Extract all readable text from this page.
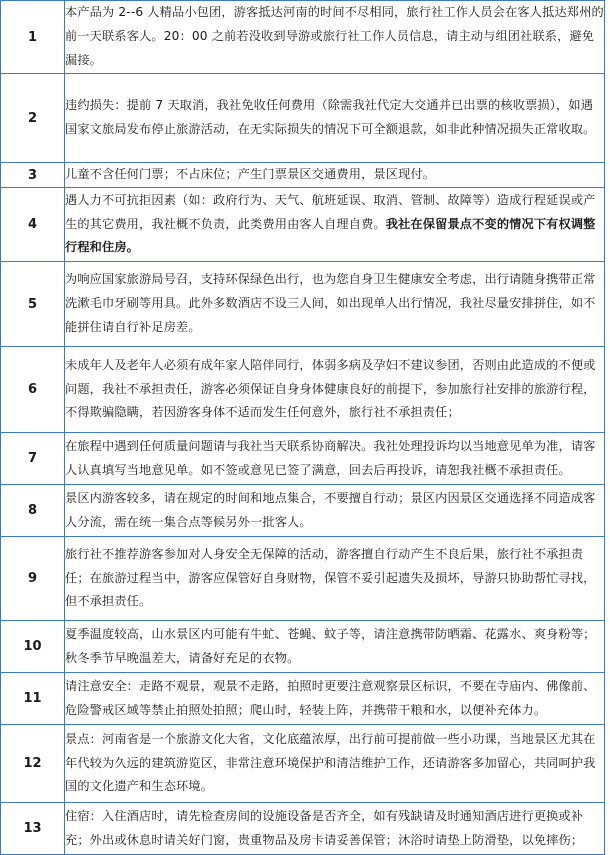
1	本产品为 2--6 人精品小包团，游客抵达河南的时间不尽相同，旅行社工作人员会在客人抵达郑州的前一天联系客人。20：00 之前若没收到导游或旅行社工作人员信息，请主动与组团社联系，避免漏接。
2	违约损失：提前 7 天取消，我社免收任何费用（除需我社代定大交通并已出票的核收票损），如遇国家文旅局发布停止旅游活动，在无实际损失的情况下可全额退款，如非此种情况损失正常收取。
3	儿童不含任何门票；不占床位；产生门票景区交通费用，景区现付。
4	遇人力不可抗拒因素（如：政府行为、天气、航班延误、取消、管制、故障等）造成行程延误或产生的其它费用，我社概不负责，此类费用由客人自理自费。我社在保留景点不变的情况下有权调整行程和住房。
5	为响应国家旅游局号召，支持环保绿色出行，也为您自身卫生健康安全考虑，出行请随身携带正常洗漱毛巾牙刷等用具。此外多数酒店不设三人间，如出现单人出行情况，我社尽量安排拼住，如不能拼住请自行补足房差。
6	未成年人及老年人必须有成年家人陪伴同行，体弱多病及孕妇不建议参团，否则由此造成的不便或问题，我社不承担责任，游客必须保证自身身体健康良好的前提下，参加旅行社安排的旅游行程，不得欺骗隐瞒，若因游客身体不适而发生任何意外，旅行社不承担责任；
7	在旅程中遇到任何质量问题请与我社当天联系协商解决。我社处理投诉均以当地意见单为准，请客人认真填写当地意见单。如不签或意见已签了满意，回去后再投诉，请恕我社概不承担责任。
8	景区内游客较多，请在规定的时间和地点集合，不要擅自行动；景区内因景区交通选择不同造成客人分流，需在统一集合点等候另外一批客人。
9	旅行社不推荐游客参加对人身安全无保障的活动，游客擅自行动产生不良后果，旅行社不承担责任；在旅游过程当中，游客应保管好自身财物，保管不妥引起遗失及损坏，导游只协助帮忙寻找，但不承担责任。
10	夏季温度较高，山水景区内可能有牛虻、苍蝇、蚊子等，请注意携带防晒霜、花露水、爽身粉等；秋冬季节早晚温差大，请备好充足的衣物。
11	请注意安全：走路不观景，观景不走路，拍照时更要注意观察景区标识，不要在寺庙内、佛像前、危险警戒区域等禁止拍照处拍照；爬山时，轻装上阵，并携带干粮和水，以便补充体力。
12	景点：河南省是一个旅游文化大省，文化底蕴浓厚，出行前可提前做一些小功课，当地景区尤其在年代较为久远的建筑游览区，非常注意环境保护和清洁维护工作，还请游客多加留心，共同呵护我国的文化遗产和生态环境。
13	住宿：入住酒店时，请先检查房间的设施设备是否齐全，如有残缺请及时通知酒店进行更换或补充；外出或休息时请关好门窗，贵重物品及房卡请妥善保管；沐浴时请垫上防滑垫，以免摔伤；
